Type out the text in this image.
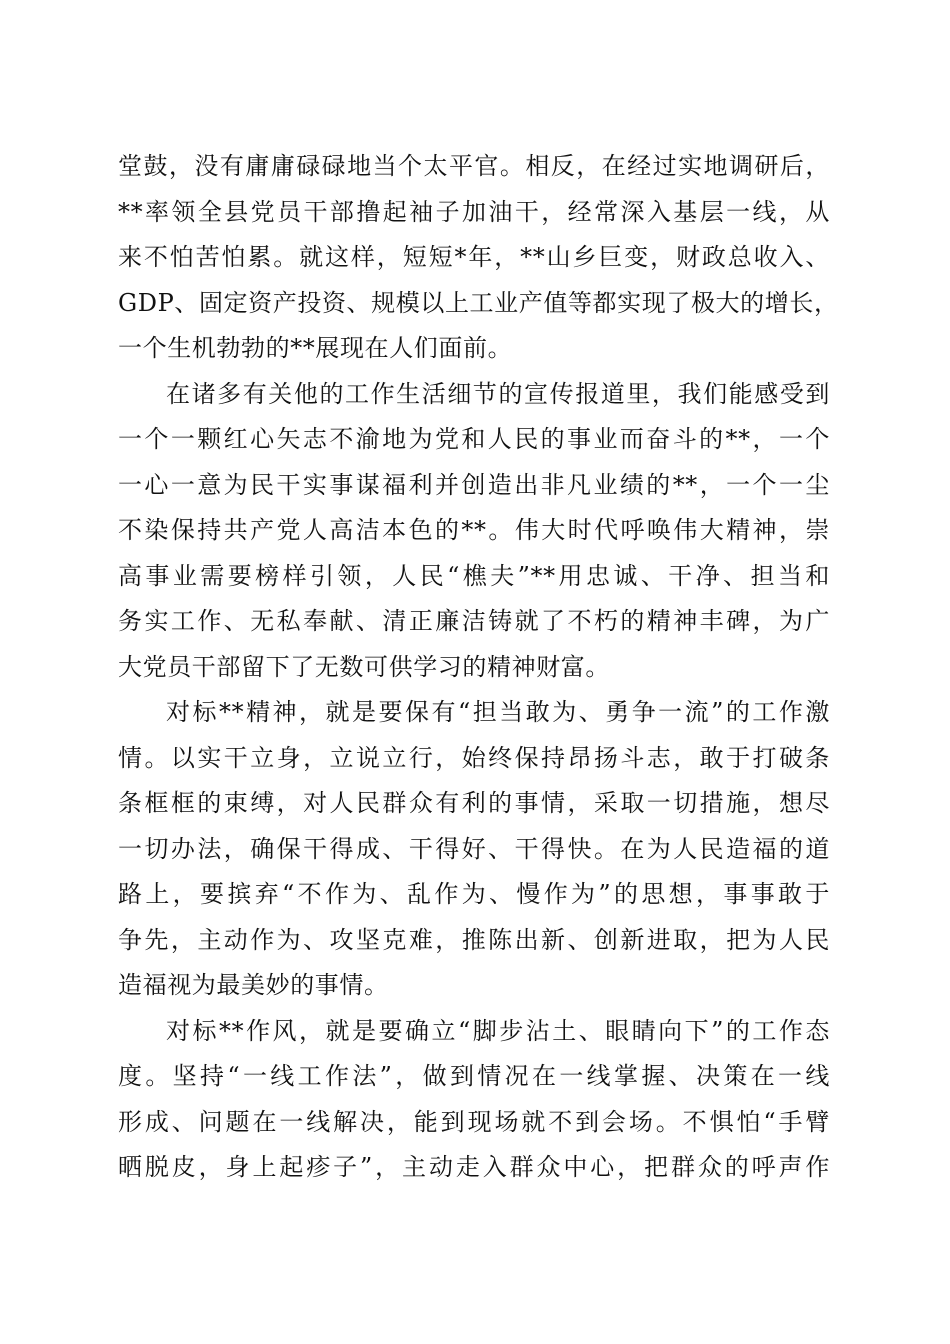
堂鼓，没有庸庸碌碌地当个太平官。相反，在经过实地调研后，
**率领全县党员干部撸起袖子加油干，经常深入基层一线，从
来不怕苦怕累。就这样，短短*年，**山乡巨变，财政总收入、
GDP、固定资产投资、规模以上工业产值等都实现了极大的增长，
一个生机勃勃的**展现在人们面前。

在诸多有关他的工作生活细节的宣传报道里，我们能感受到
一个一颗红心矢志不渝地为党和人民的事业而奋斗的**，一个
一心一意为民干实事谋福利并创造出非凡业绩的**，一个一尘
不染保持共产党人高洁本色的**。伟大时代呼唤伟大精神，崇
高事业需要榜样引领，人民“樵夫”**用忠诚、干净、担当和
务实工作、无私奉献、清正廉洁铸就了不朽的精神丰碑，为广
大党员干部留下了无数可供学习的精神财富。

对标**精神，就是要保有“担当敢为、勇争一流”的工作激
情。以实干立身，立说立行，始终保持昂扬斗志，敢于打破条
条框框的束缚，对人民群众有利的事情，采取一切措施，想尽
一切办法，确保干得成、干得好、干得快。在为人民造福的道
路上，要摈弃“不作为、乱作为、慢作为”的思想，事事敢于
争先，主动作为、攻坚克难，推陈出新、创新进取，把为人民
造福视为最美妙的事情。

对标**作风，就是要确立“脚步沾土、眼睛向下”的工作态
度。坚持“一线工作法”，做到情况在一线掌握、决策在一线
形成、问题在一线解决，能到现场就不到会场。不惧怕“手臂
晒脱皮，身上起疹子”，主动走入群众中心，把群众的呼声作
